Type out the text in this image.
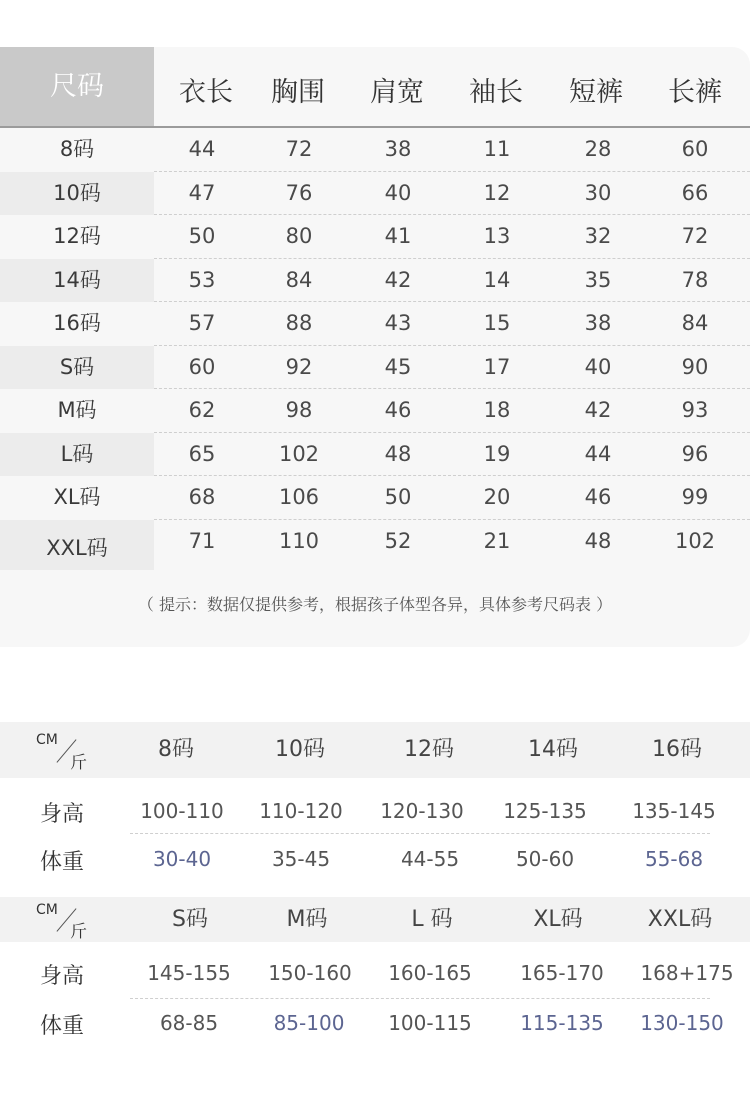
尺码	衣长	胸围	肩宽	袖长	短裤	长裤
8码	44	72	38	11	28	60
10码	47	76	40	12	30	66
12码	50	80	41	13	32	72
14码	53	84	42	14	35	78
16码	57	88	43	15	38	84
S码	60	92	45	17	40	90
M码	62	98	46	18	42	93
L码	65	102	48	19	44	96
XL码	68	106	50	20	46	99
XXL码	71	110	52	21	48	102
（ 提示：数据仅提供参考，根据孩子体型各异，具体参考尺码表 ）
CM
斤
8码	10码	12码	14码	16码
身高	100-110	110-120	120-130	125-135	135-145
体重	30-40	35-45	44-55	50-60	55-68
CM
斤	S码	M码	L 码	XL码	XXL码
身高	145-155	150-160	160-165	165-170	168+175
体重	68-85	85-100	100-115	115-135	130-150
